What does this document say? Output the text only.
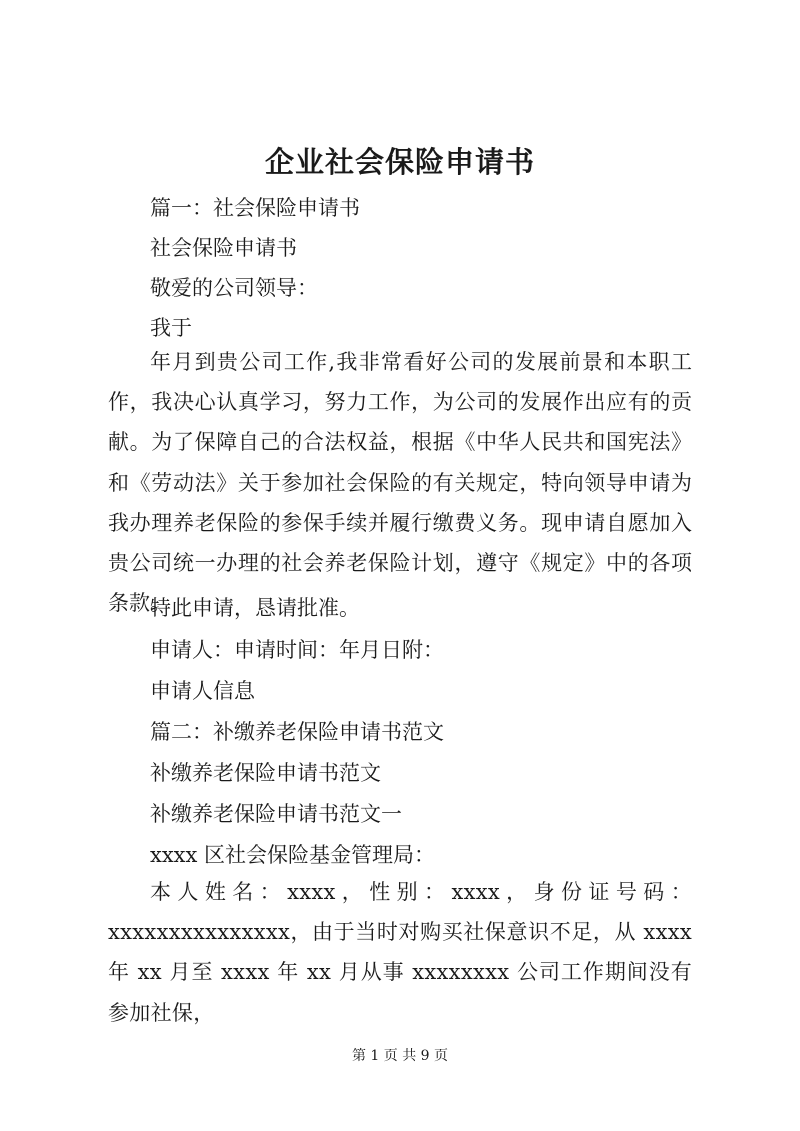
企业社会保险申请书
篇一：社会保险申请书
社会保险申请书
敬爱的公司领导：
我于
年月到贵公司工作,我非常看好公司的发展前景和本职工作，我决心认真学习，努力工作，为公司的发展作出应有的贡献。为了保障自己的合法权益，根据《中华人民共和国宪法》和《劳动法》关于参加社会保险的有关规定，特向领导申请为我办理养老保险的参保手续并履行缴费义务。现申请自愿加入贵公司统一办理的社会养老保险计划，遵守《规定》中的各项条款。
特此申请，恳请批准。
申请人：申请时间：年月日附：
申请人信息
篇二：补缴养老保险申请书范文
补缴养老保险申请书范文
补缴养老保险申请书范文一
xxxx 区社会保险基金管理局：
本人姓名：xxxx，性别：xxxx，身份证号码：xxxxxxxxxxxxxxx，由于当时对购买社保意识不足，从 xxxx 年 xx 月至 xxxx 年 xx 月从事 xxxxxxxx 公司工作期间没有参加社保，
第 1 页 共 9 页
